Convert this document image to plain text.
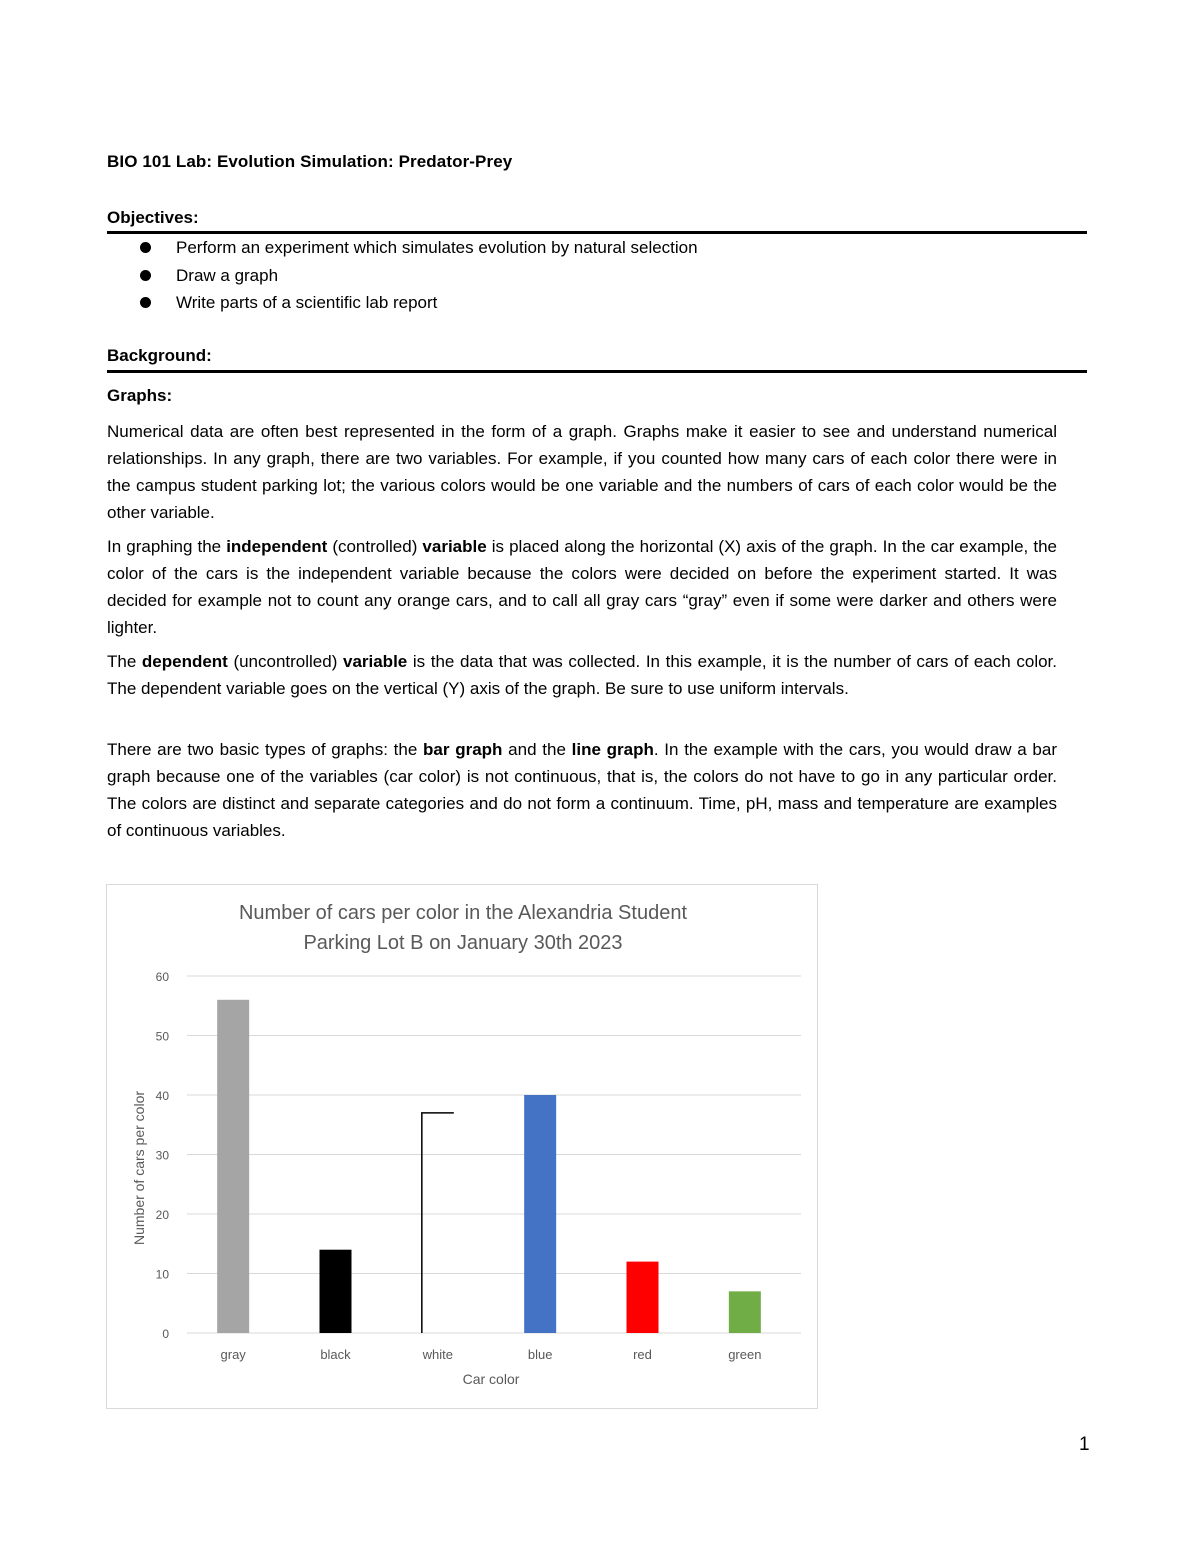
BIO 101 Lab: Evolution Simulation: Predator-Prey
Objectives:
Perform an experiment which simulates evolution by natural selection
Draw a graph
Write parts of a scientific lab report
Background:
Graphs:

Numerical data are often best represented in the form of a graph. Graphs make it easier to see and understand numerical relationships. In any graph, there are two variables. For example, if you counted how many cars of each color there were in the campus student parking lot; the various colors would be one variable and the numbers of cars of each color would be the other variable.

In graphing the independent (controlled) variable is placed along the horizontal (X) axis of the graph. In the car example, the color of the cars is the independent variable because the colors were decided on before the experiment started. It was decided for example not to count any orange cars, and to call all gray cars “gray” even if some were darker and others were lighter.

The dependent (uncontrolled) variable is the data that was collected. In this example, it is the number of cars of each color. The dependent variable goes on the vertical (Y) axis of the graph. Be sure to use uniform intervals.

There are two basic types of graphs: the bar graph and the line graph. In the example with the cars, you would draw a bar graph because one of the variables (car color) is not continuous, that is, the colors do not have to go in any particular order. The colors are distinct and separate categories and do not form a continuum. Time, pH, mass and temperature are examples of continuous variables.

Number of cars per color in the Alexandria Student
Parking Lot B on January 30th 2023
0
10
20
30
40
50
60
gray	black	white	blue	red	green
Car color
Number of cars per color
1
